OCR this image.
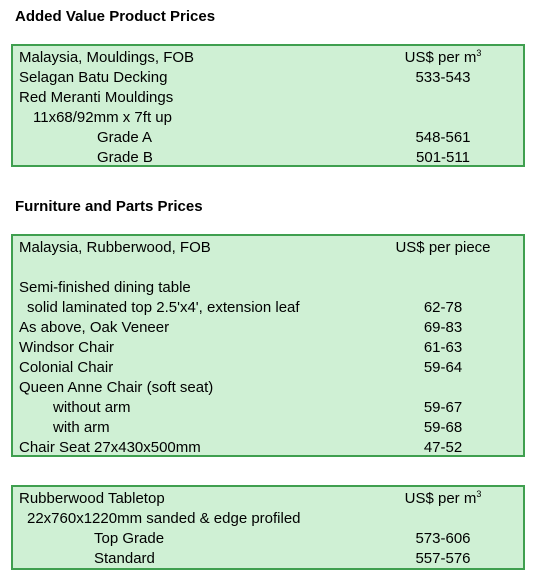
Added Value Product Prices
Malaysia, Mouldings, FOB	US$ per $m^3$
Selagan Batu Decking	533-543
Red Meranti Mouldings
11x68/92mm x 7ft up
Grade A	548-561
Grade B	501-511
Furniture and Parts Prices
Malaysia, Rubberwood, FOB	US$ per piece
Semi-finished dining table
solid laminated top 2.5'x4', extension leaf	62-78
As above, Oak Veneer	69-83
Windsor Chair	61-63
Colonial Chair	59-64
Queen Anne Chair (soft seat)
without arm	59-67
with arm	59-68
Chair Seat 27x430x500mm	47-52
Rubberwood Tabletop	US$ per $m^3$
22x760x1220mm sanded & edge profiled
Top Grade	573-606
Standard	557-576
